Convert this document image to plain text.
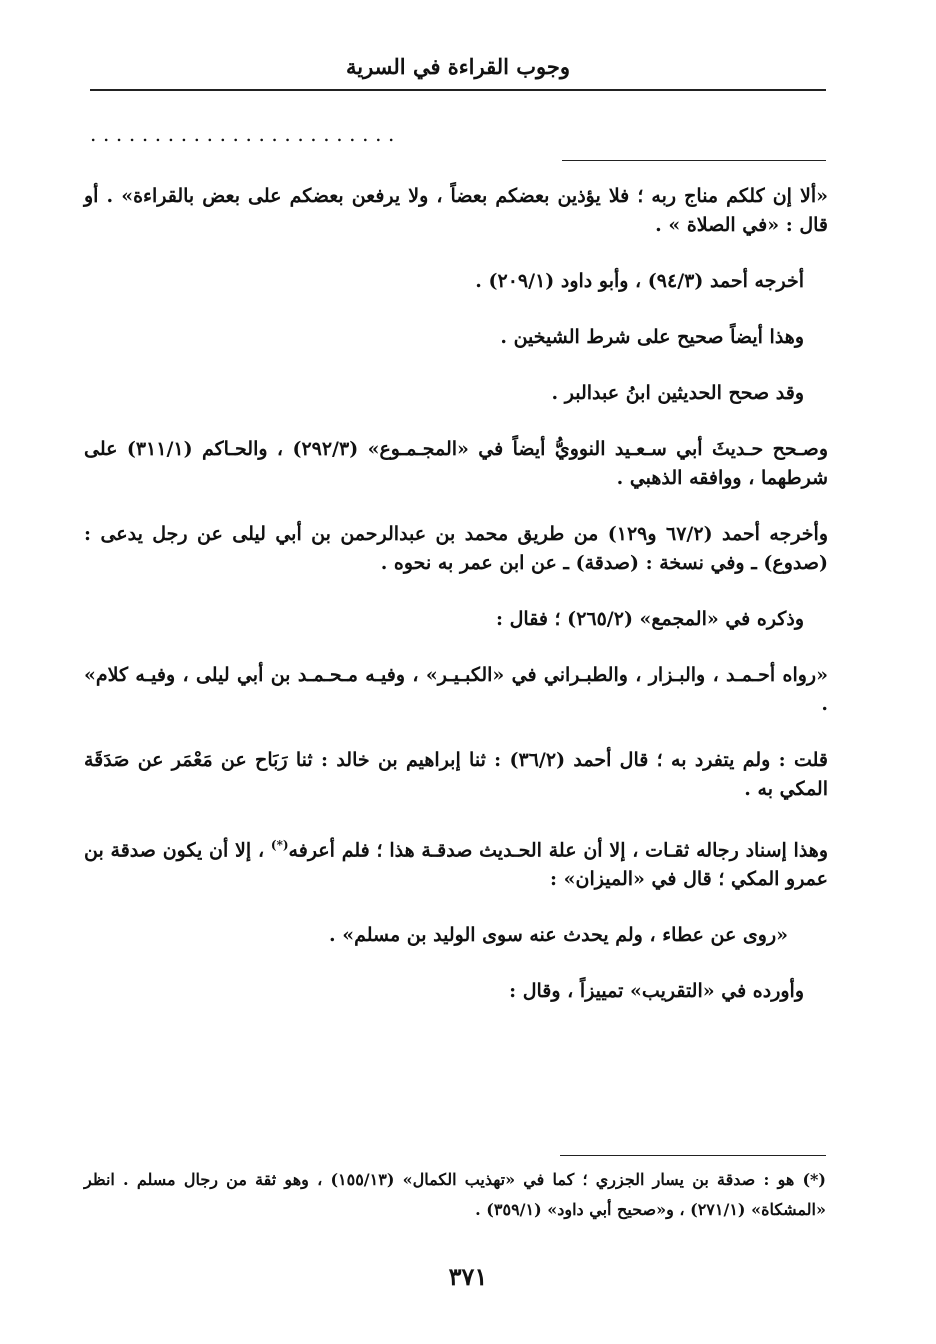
وجوب القراءة في السرية
........................

«ألا إن كلكم مناج ربه ؛ فلا يؤذين بعضكم بعضاً ، ولا يرفعن بعضكم على بعض بالقراءة» . أو قال : «في الصلاة » .

أخرجه أحمد (٩٤/٣) ، وأبو داود (٢٠٩/١) .

وهذا أيضاً صحيح على شرط الشيخين .

وقد صحح الحديثين ابنُ عبدالبر .

وصـحح حـديثَ أبي سـعـيد النوويُّ أيضاً في «المجـمـوع» (٢٩٢/٣) ، والحـاكم (٣١١/١) على شرطهما ، ووافقه الذهبي .

وأخرجه أحمد (٦٧/٢ و١٢٩) من طريق محمد بن عبدالرحمن بن أبي ليلى عن رجل يدعى : (صدوع) ـ وفي نسخة : (صدقة) ـ عن ابن عمر به نحوه .

وذكره في «المجمع» (٢٦٥/٢) ؛ فقال :

«رواه أحـمـد ، والبـزار ، والطبـراني في «الكبـيـر» ، وفيـه مـحـمـد بن أبي ليلى ، وفيـه كلام» .

قلت : ولم يتفرد به ؛ قال أحمد (٣٦/٢) : ثنا إبراهيم بن خالد : ثنا رَبَاح عن مَعْمَر عن صَدَقَة المكي به .

وهذا إسناد رجاله ثقـات ، إلا أن علة الحـديث صدقـة هذا ؛ فلم أعرفه(*) ، إلا أن يكون صدقة بن عمرو المكي ؛ قال في «الميزان» :

«روى عن عطاء ، ولم يحدث عنه سوى الوليد بن مسلم» .

وأورده في «التقريب» تمييزاً ، وقال :

(*) هو : صدقة بن يسار الجزري ؛ كما في «تهذيب الكمال» (١٥٥/١٣) ، وهو ثقة من رجال مسلم . انظر «المشكاة» (٢٧١/١) ، و«صحيح أبي داود» (٣٥٩/١) .

٣٧١
